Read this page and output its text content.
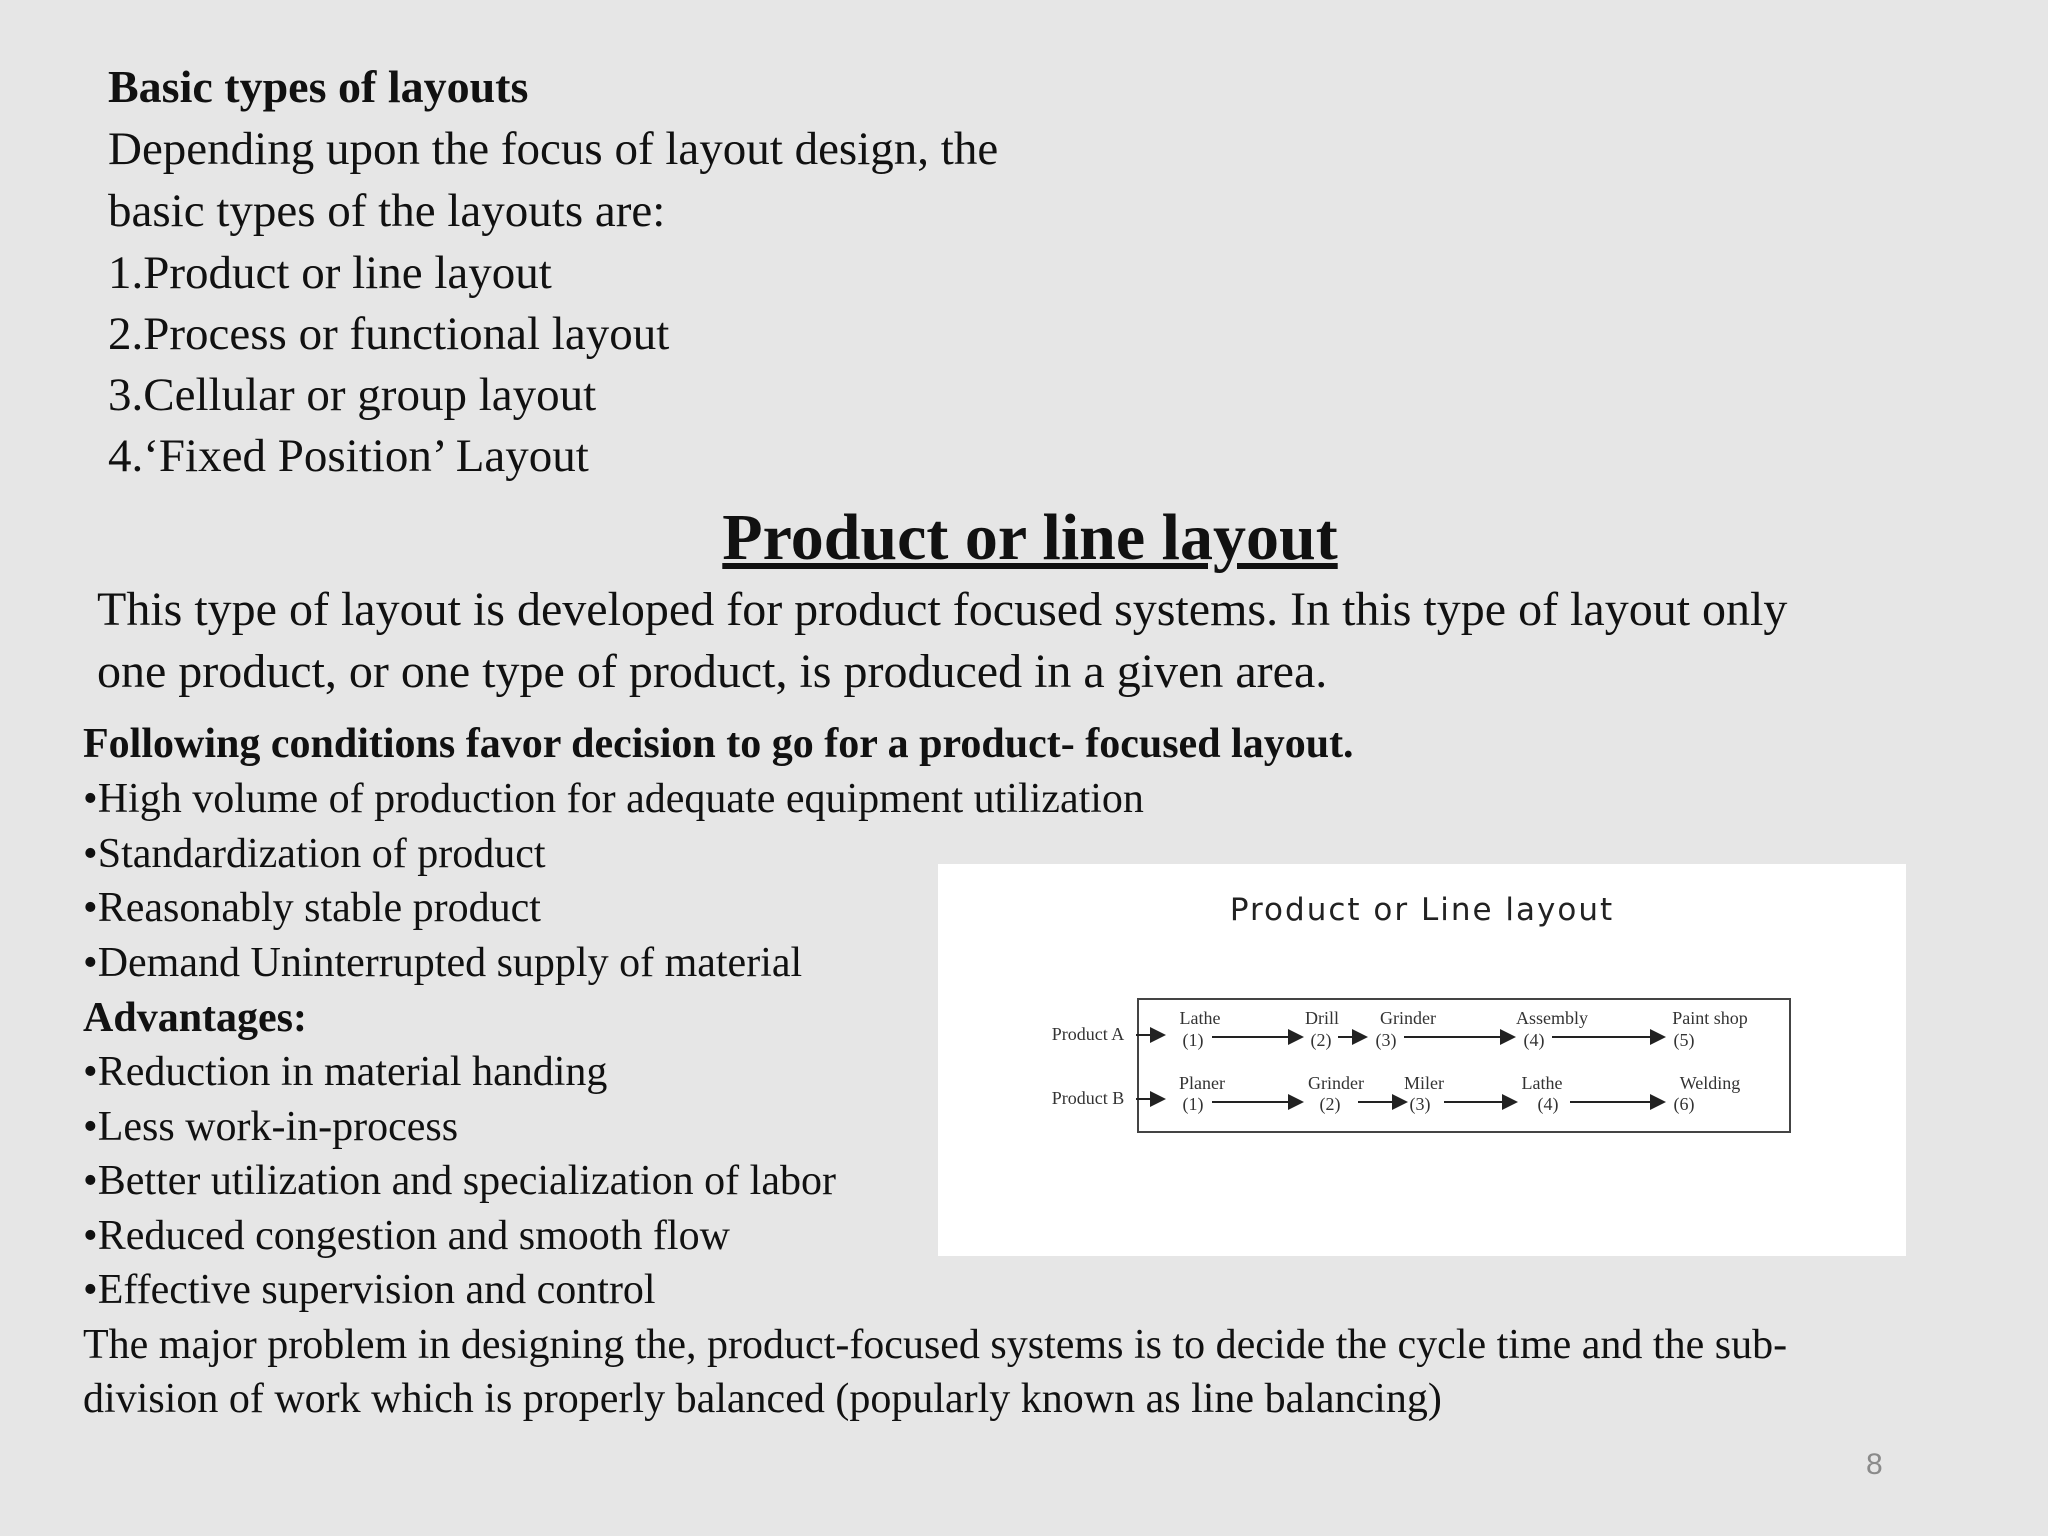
Basic types of layouts
Depending upon the focus of layout design, the
basic types of the layouts are:
1.Product or line layout
2.Process or functional layout
3.Cellular or group layout
4.‘Fixed Position’ Layout
Product or line layout
This type of layout is developed for product focused systems. In this type of layout only
one product, or one type of product, is produced in a given area.
Following conditions favor decision to go for a product- focused layout.
•High volume of production for adequate equipment utilization
•Standardization of product
•Reasonably stable product
•Demand Uninterrupted supply of material
Advantages:
•Reduction in material handing
•Less work-in-process
•Better utilization and specialization of labor
•Reduced congestion and smooth flow
•Effective supervision and control
The major problem in designing the, product-focused systems is to decide the cycle time and the sub-
division of work which is properly balanced (popularly known as line balancing)
Product or Line layout
Product A
Lathe
(1)
Drill
(2)
Grinder
(3)
Assembly
(4)
Paint shop
(5)
Product B
Planer
(1)
Grinder
(2)
Miler
(3)
Lathe
(4)
Welding
(6)
8
